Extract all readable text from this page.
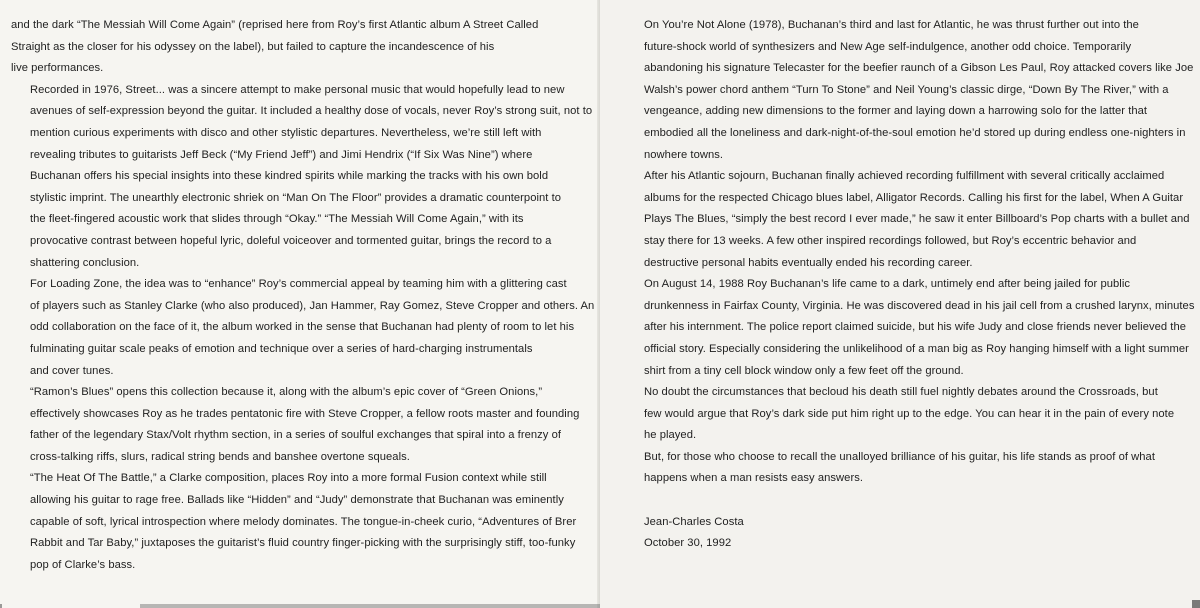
and the dark “The Messiah Will Come Again” (reprised here from Roy’s first Atlantic album A Street Called
Straight as the closer for his odyssey on the label), but failed to capture the incandescence of his
live performances.

Recorded in 1976, Street... was a sincere attempt to make personal music that would hopefully lead to new
avenues of self-expression beyond the guitar. It included a healthy dose of vocals, never Roy’s strong suit, not to
mention curious experiments with disco and other stylistic departures. Nevertheless, we’re still left with
revealing tributes to guitarists Jeff Beck (“My Friend Jeff”) and Jimi Hendrix (“If Six Was Nine”) where
Buchanan offers his special insights into these kindred spirits while marking the tracks with his own bold
stylistic imprint. The unearthly electronic shriek on “Man On The Floor” provides a dramatic counterpoint to
the fleet-fingered acoustic work that slides through “Okay.” “The Messiah Will Come Again,” with its
provocative contrast between hopeful lyric, doleful voiceover and tormented guitar, brings the record to a
shattering conclusion.

For Loading Zone, the idea was to “enhance” Roy’s commercial appeal by teaming him with a glittering cast
of players such as Stanley Clarke (who also produced), Jan Hammer, Ray Gomez, Steve Cropper and others. An
odd collaboration on the face of it, the album worked in the sense that Buchanan had plenty of room to let his
fulminating guitar scale peaks of emotion and technique over a series of hard-charging instrumentals
and cover tunes.

“Ramon’s Blues” opens this collection because it, along with the album’s epic cover of “Green Onions,”
effectively showcases Roy as he trades pentatonic fire with Steve Cropper, a fellow roots master and founding
father of the legendary Stax/Volt rhythm section, in a series of soulful exchanges that spiral into a frenzy of
cross-talking riffs, slurs, radical string bends and banshee overtone squeals.

“The Heat Of The Battle,” a Clarke composition, places Roy into a more formal Fusion context while still
allowing his guitar to rage free. Ballads like “Hidden” and “Judy” demonstrate that Buchanan was eminently
capable of soft, lyrical introspection where melody dominates. The tongue-in-cheek curio, “Adventures of Brer
Rabbit and Tar Baby,” juxtaposes the guitarist’s fluid country finger-picking with the surprisingly stiff, too-funky
pop of Clarke’s bass.

On You’re Not Alone (1978), Buchanan’s third and last for Atlantic, he was thrust further out into the
future-shock world of synthesizers and New Age self-indulgence, another odd choice. Temporarily
abandoning his signature Telecaster for the beefier raunch of a Gibson Les Paul, Roy attacked covers like Joe
Walsh’s power chord anthem “Turn To Stone” and Neil Young’s classic dirge, “Down By The River,” with a
vengeance, adding new dimensions to the former and laying down a harrowing solo for the latter that
embodied all the loneliness and dark-night-of-the-soul emotion he’d stored up during endless one-nighters in
nowhere towns.

After his Atlantic sojourn, Buchanan finally achieved recording fulfillment with several critically acclaimed
albums for the respected Chicago blues label, Alligator Records. Calling his first for the label, When A Guitar
Plays The Blues, “simply the best record I ever made,” he saw it enter Billboard’s Pop charts with a bullet and
stay there for 13 weeks. A few other inspired recordings followed, but Roy’s eccentric behavior and
destructive personal habits eventually ended his recording career.

On August 14, 1988 Roy Buchanan’s life came to a dark, untimely end after being jailed for public
drunkenness in Fairfax County, Virginia. He was discovered dead in his jail cell from a crushed larynx, minutes
after his internment. The police report claimed suicide, but his wife Judy and close friends never believed the
official story. Especially considering the unlikelihood of a man big as Roy hanging himself with a light summer
shirt from a tiny cell block window only a few feet off the ground.

No doubt the circumstances that becloud his death still fuel nightly debates around the Crossroads, but
few would argue that Roy’s dark side put him right up to the edge. You can hear it in the pain of every note
he played.

But, for those who choose to recall the unalloyed brilliance of his guitar, his life stands as proof of what
happens when a man resists easy answers.

Jean-Charles Costa
October 30, 1992
